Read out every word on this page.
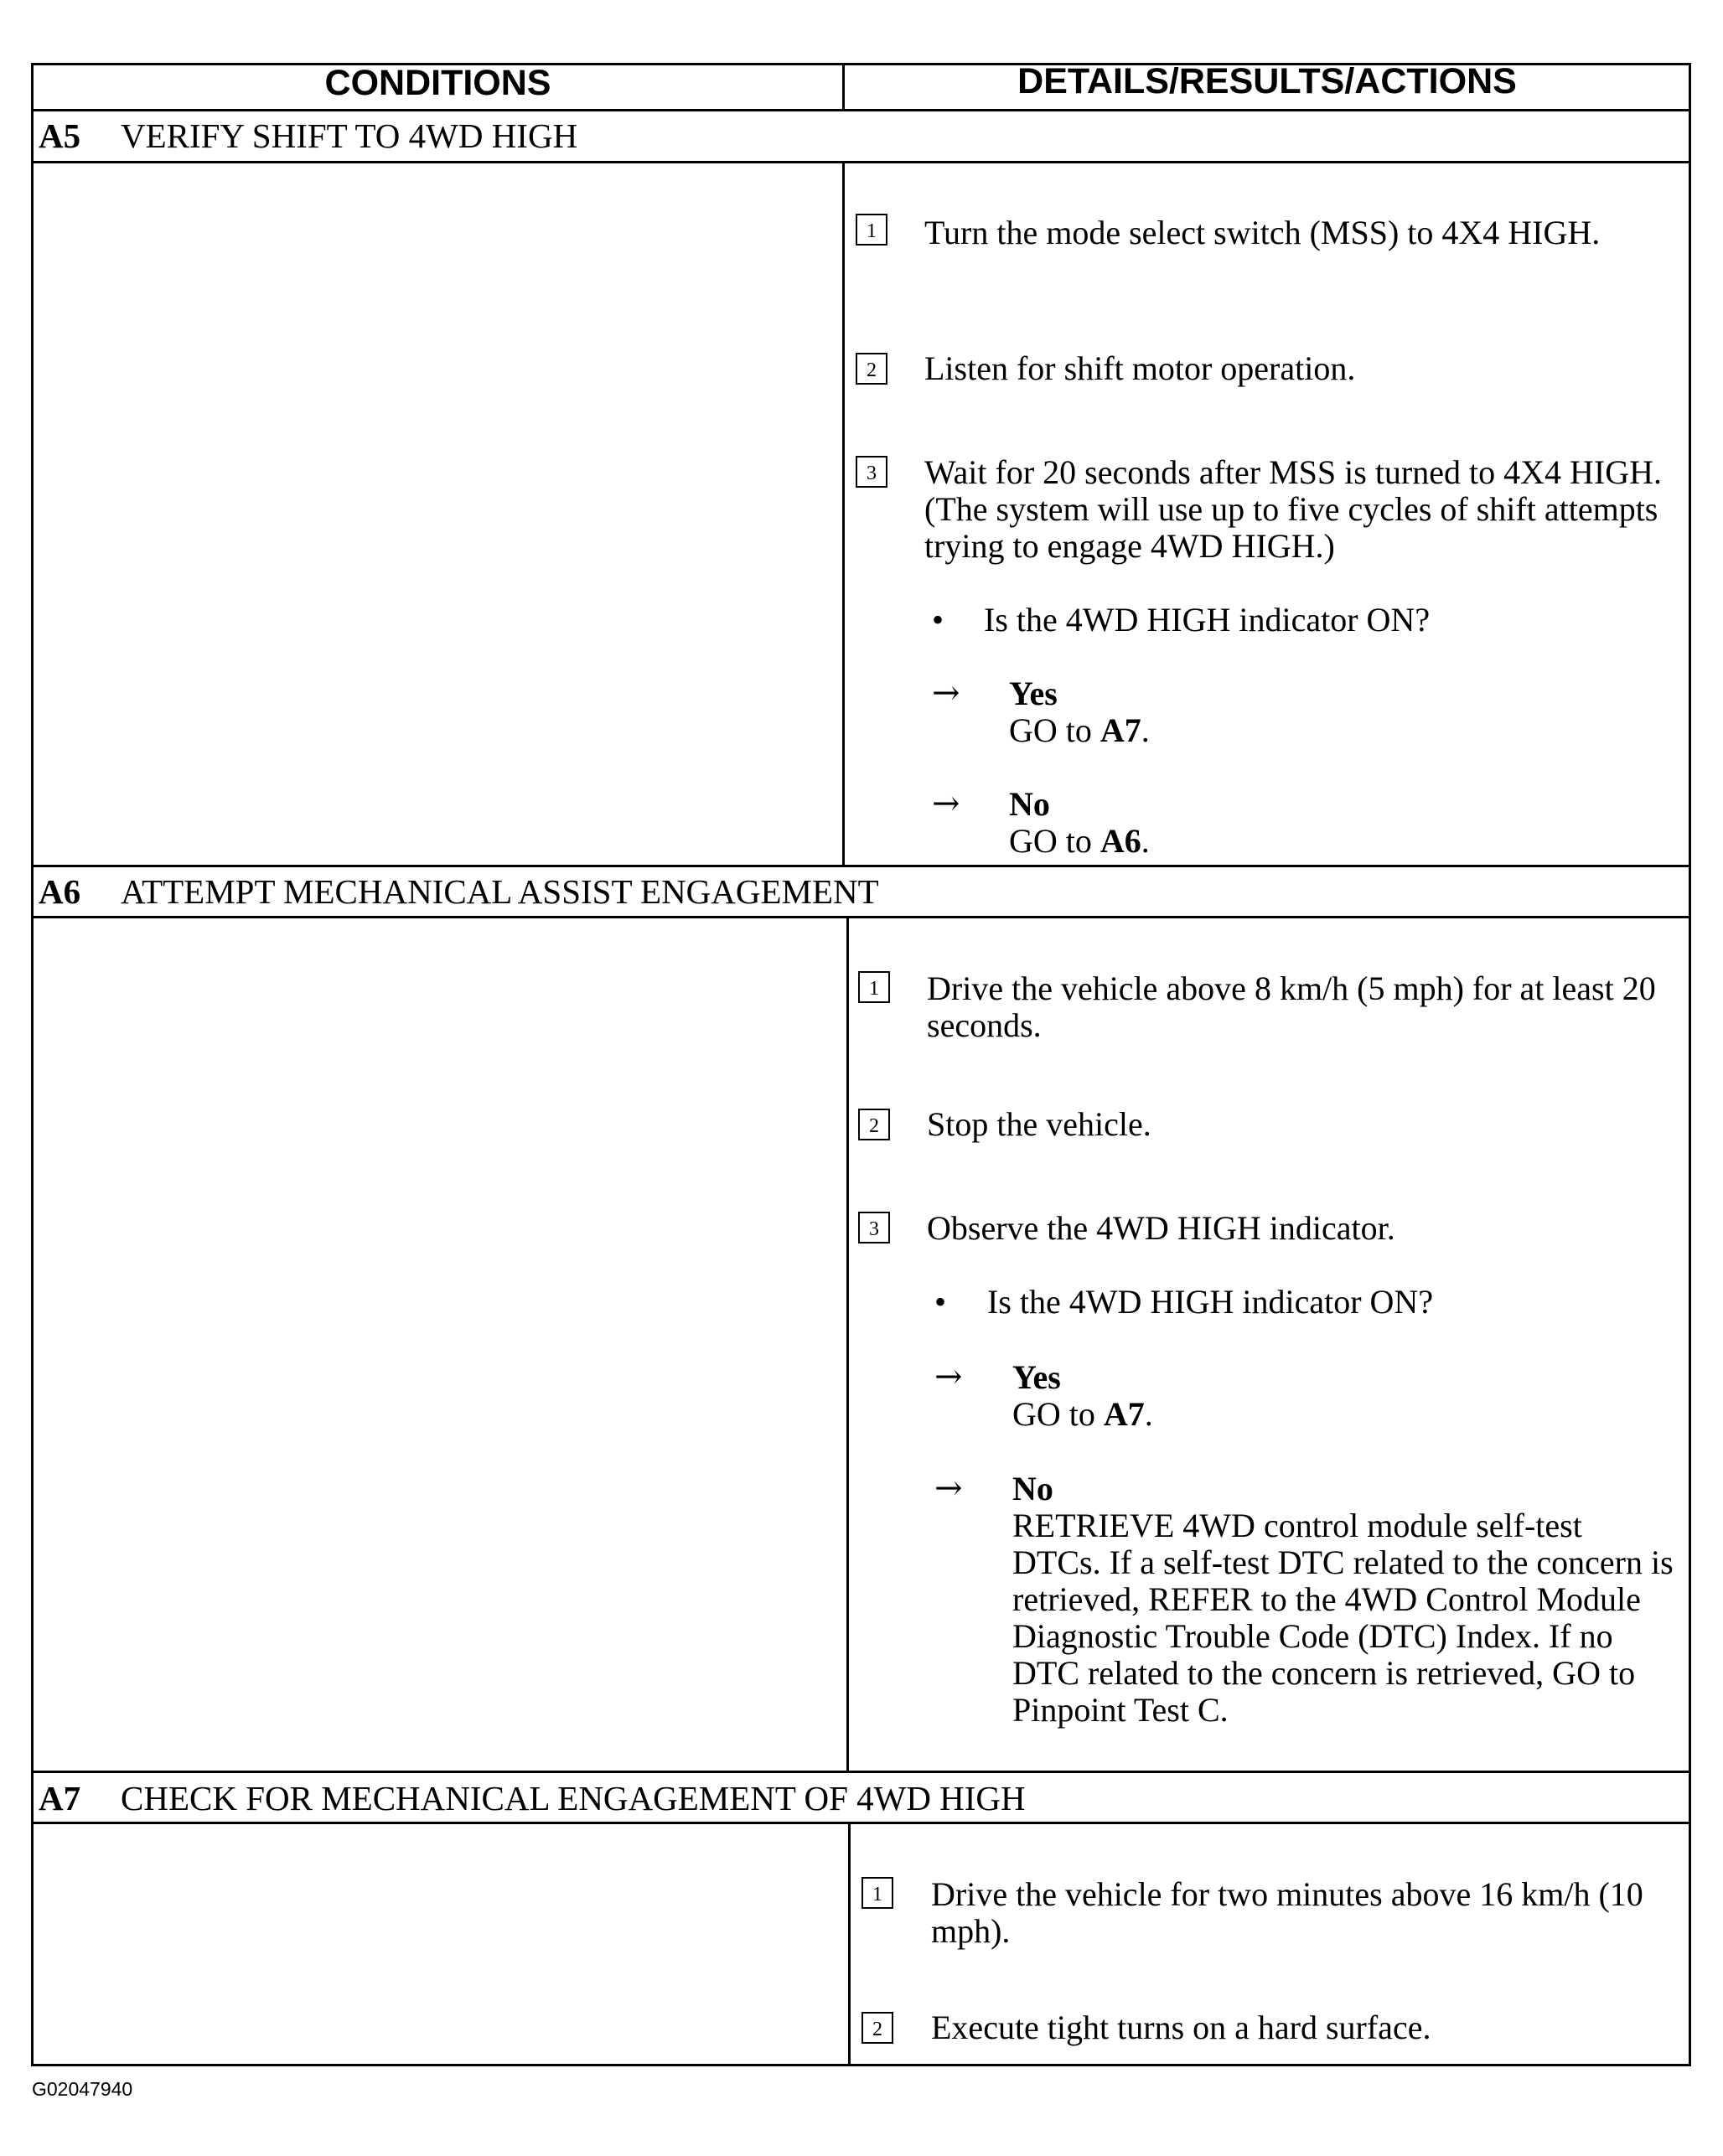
CONDITIONS	DETAILS/RESULTS/ACTIONS
A5 VERIFY SHIFT TO 4WD HIGH
1	Turn the mode select switch (MSS) to 4X4 HIGH.
2	Listen for shift motor operation.
3	Wait for 20 seconds after MSS is turned to 4X4 HIGH. (The system will use up to five cycles of shift attempts trying to engage 4WD HIGH.)
• Is the 4WD HIGH indicator ON?
→ Yes
GO to A7.
→ No
GO to A6.
A6 ATTEMPT MECHANICAL ASSIST ENGAGEMENT
1	Drive the vehicle above 8 km/h (5 mph) for at least 20 seconds.
2	Stop the vehicle.
3	Observe the 4WD HIGH indicator.
• Is the 4WD HIGH indicator ON?
→ Yes
GO to A7.
→ No
RETRIEVE 4WD control module self-test DTCs. If a self-test DTC related to the concern is retrieved, REFER to the 4WD Control Module Diagnostic Trouble Code (DTC) Index. If no DTC related to the concern is retrieved, GO to Pinpoint Test C.
A7 CHECK FOR MECHANICAL ENGAGEMENT OF 4WD HIGH
1	Drive the vehicle for two minutes above 16 km/h (10 mph).
2	Execute tight turns on a hard surface.
G02047940
